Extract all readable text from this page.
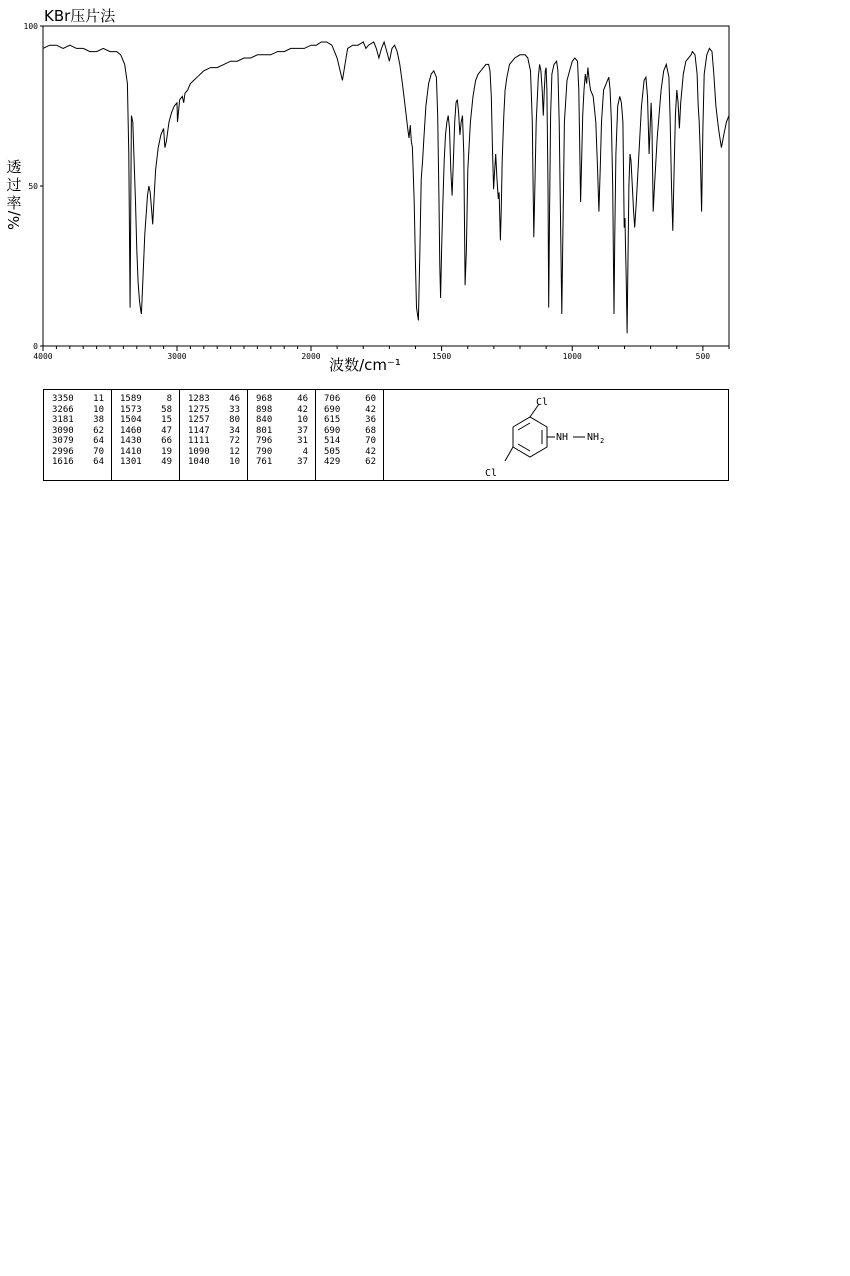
KBr压片法
0
50
100
4000	3000	2000	1500	1000	500
透
过
率
%/
波数/cm⁻¹
3350 11
3266 10
3181 38
3090 62
3079 64
2996 70
1616 64
1589	8
1573 58
1504 15
1460 47
1430 66
1410 19
1301 49
1283 46
1275 33
1257 80
1147 34
1111 72
1090 12
1040 10
968	46
898	42
840	10
801	37
796	31
790	4
761	37
706	60
690	42
615	36
690	68
514	70
505	42
429	62
Cl
Cl
NH NH 2
